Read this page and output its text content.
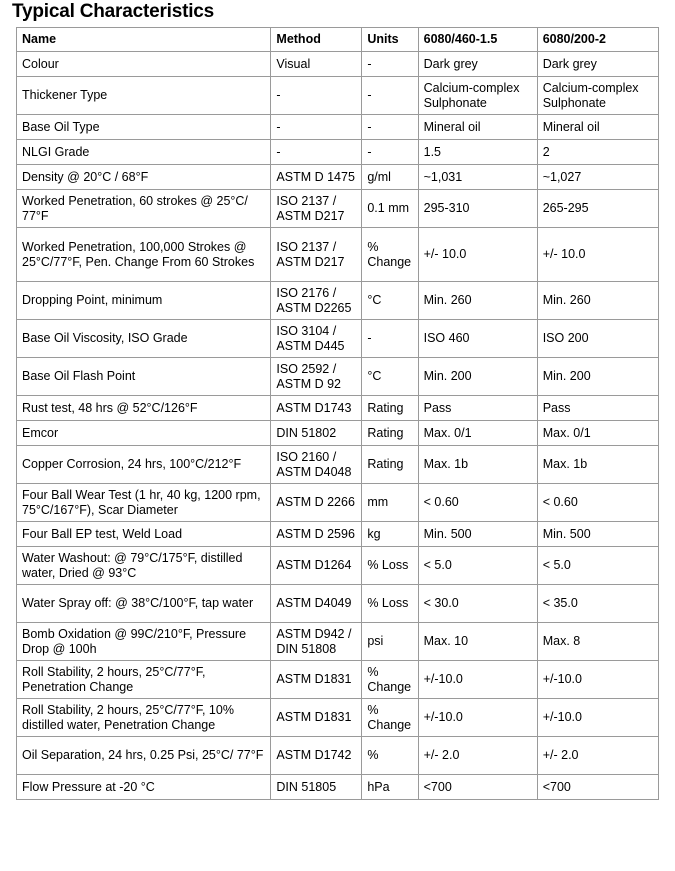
Typical Characteristics
Name	Method	Units	6080/460-1.5	6080/200-2
Colour	Visual	-	Dark grey	Dark grey
Thickener Type	-	-	Calcium-complex Sulphonate	Calcium-complex Sulphonate
Base Oil Type	-	-	Mineral oil	Mineral oil
NLGI Grade	-	-	1.5	2
Density @ 20°C / 68°F	ASTM D 1475	g/ml	~1,031	~1,027
Worked Penetration, 60 strokes @ 25°C/ 77°F	ISO 2137 / ASTM D217	0.1 mm	295-310	265-295
Worked Penetration, 100,000 Strokes @ 25°C/77°F, Pen. Change From 60 Strokes	ISO 2137 / ASTM D217	% Change	+/- 10.0	+/- 10.0
Dropping Point, minimum	ISO 2176 / ASTM D2265	°C	Min. 260	Min. 260
Base Oil Viscosity, ISO Grade	ISO 3104 / ASTM D445	-	ISO 460	ISO 200
Base Oil Flash Point	ISO 2592 / ASTM D 92	°C	Min. 200	Min. 200
Rust test, 48 hrs @ 52°C/126°F	ASTM D1743	Rating	Pass	Pass
Emcor	DIN 51802	Rating	Max. 0/1	Max. 0/1
Copper Corrosion, 24 hrs, 100°C/212°F	ISO 2160 / ASTM D4048	Rating	Max. 1b	Max. 1b
Four Ball Wear Test (1 hr, 40 kg, 1200 rpm, 75°C/167°F), Scar Diameter	ASTM D 2266	mm	< 0.60	< 0.60
Four Ball EP test, Weld Load	ASTM D 2596	kg	Min. 500	Min. 500
Water Washout: @ 79°C/175°F, distilled water, Dried @ 93°C	ASTM D1264	% Loss	< 5.0	< 5.0
Water Spray off: @ 38°C/100°F, tap water	ASTM D4049	% Loss	< 30.0	< 35.0
Bomb Oxidation @ 99C/210°F, Pressure Drop @ 100h	ASTM D942 / DIN 51808	psi	Max. 10	Max. 8
Roll Stability, 2 hours, 25°C/77°F, Penetration Change	ASTM D1831	% Change	+/-10.0	+/-10.0
Roll Stability, 2 hours, 25°C/77°F, 10% distilled water, Penetration Change	ASTM D1831	% Change	+/-10.0	+/-10.0
Oil Separation, 24 hrs, 0.25 Psi, 25°C/ 77°F	ASTM D1742	%	+/- 2.0	+/- 2.0
Flow Pressure at -20 °C	DIN 51805	hPa	<700	<700
